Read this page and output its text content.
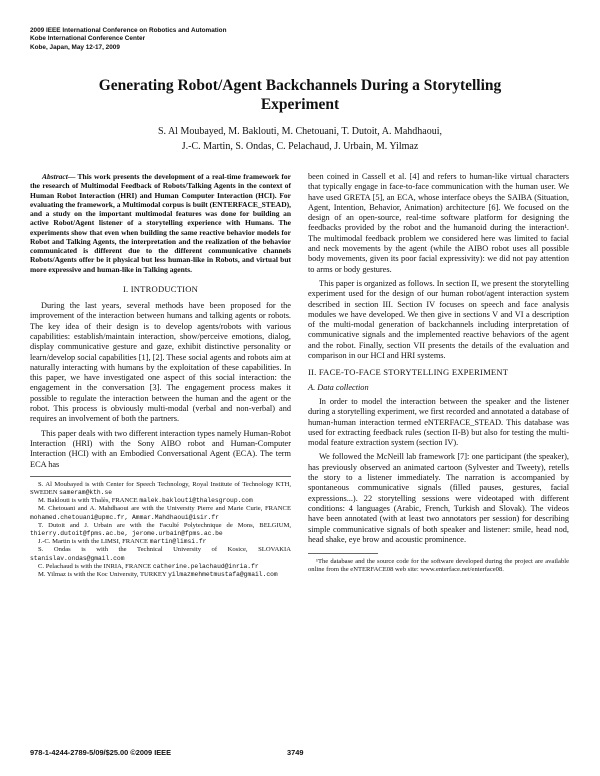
2009 IEEE International Conference on Robotics and Automation
Kobe International Conference Center
Kobe, Japan, May 12-17, 2009
Generating Robot/Agent Backchannels During a Storytelling Experiment
S. Al Moubayed, M. Baklouti, M. Chetouani, T. Dutoit, A. Mahdhaoui,
J.-C. Martin, S. Ondas, C. Pelachaud, J. Urbain, M. Yilmaz

Abstract— This work presents the development of a real-time framework for the research of Multimodal Feedback of Robots/Talking Agents in the context of Human Robot Interaction (HRI) and Human Computer Interaction (HCI). For evaluating the framework, a Multimodal corpus is built (ENTERFACE_STEAD), and a study on the important multimodal features was done for building an active Robot/Agent listener of a storytelling experience with Humans. The experiments show that even when building the same reactive behavior models for Robot and Talking Agents, the interpretation and the realization of the behavior communicated is different due to the different communicative channels Robots/Agents offer be it physical but less human-like in Robots, and virtual but more expressive and human-like in Talking agents.

I. INTRODUCTION

During the last years, several methods have been proposed for the improvement of the interaction between humans and talking agents or robots. The key idea of their design is to develop agents/robots with various capabilities: establish/maintain interaction, show/perceive emotions, dialog, display communicative gesture and gaze, exhibit distinctive personality or learn/develop social capabilities [1], [2]. These social agents and robots aim at naturally interacting with humans by the exploitation of these capabilities. In this paper, we have investigated one aspect of this social interaction: the engagement in the conversation [3]. The engagement process makes it possible to regulate the interaction between the human and the agent or the robot. This process is obviously multi-modal (verbal and non-verbal) and requires an involvement of both the partners.

This paper deals with two different interaction types namely Human-Robot Interaction (HRI) with the Sony AIBO robot and Human-Computer Interaction (HCI) with an Embodied Conversational Agent (ECA). The term ECA has

S. Al Moubayed is with Center for Speech Technology, Royal Institute of Technology KTH, SWEDEN sameram@kth.se

M. Baklouti is with Thalès, FRANCE malek.baklouti@thalesgroup.com

M. Chetouani and A. Mahdhaoui are with the University Pierre and Marie Curie, FRANCE mohamed.chetouani@upmc.fr, Ammar.Mahdhaoui@isir.fr

T. Dutoit and J. Urbain are with the Faculté Polytechnique de Mons, BELGIUM, thierry.dutoit@fpms.ac.be, jerome.urbain@fpms.ac.be

J.-C. Martin is with the LIMSI, FRANCE martin@limsi.fr

S. Ondas is with the Technical University of Kosice, SLOVAKIA stanislav.ondas@gmail.com

C. Pelachaud is with the INRIA, FRANCE catherine.pelachaud@inria.fr

M. Yilmaz is with the Koc University, TURKEY yilmazmehmetmustafa@gmail.com

been coined in Cassell et al. [4] and refers to human-like virtual characters that typically engage in face-to-face communication with the human user. We have used GRETA [5], an ECA, whose interface obeys the SAIBA (Situation, Agent, Intention, Behavior, Animation) architecture [6]. We focused on the design of an open-source, real-time software platform for designing the feedbacks provided by the robot and the humanoid during the interaction¹. The multimodal feedback problem we considered here was limited to facial and neck movements by the agent (while the AIBO robot uses all possible body movements, given its poor facial expressivity): we did not pay attention to arms or body gestures.

This paper is organized as follows. In section II, we present the storytelling experiment used for the design of our human robot/agent interaction system described in section III. Section IV focuses on speech and face analysis modules we have developed. We then give in sections V and VI a description of the multi-modal generation of backchannels including interpretation of communicative signals and the implemented reactive behaviors of the agent and the robot. Finally, section VII presents the details of the evaluation and comparison in our HCI and HRI systems.

II. FACE-TO-FACE STORYTELLING EXPERIMENT
A. Data collection

In order to model the interaction between the speaker and the listener during a storytelling experiment, we first recorded and annotated a database of human-human interaction termed eNTERFACE_STEAD. This database was used for extracting feedback rules (section II-B) but also for testing the multi-modal feature extraction system (section IV).

We followed the McNeill lab framework [7]: one participant (the speaker), has previously observed an animated cartoon (Sylvester and Tweety), retells the story to a listener immediately. The narration is accompanied by spontaneous communicative signals (filled pauses, gestures, facial expressions...). 22 storytelling sessions were videotaped with different conditions: 4 languages (Arabic, French, Turkish and Slovak). The videos have been annotated (with at least two annotators per session) for describing simple communicative signals of both speaker and listener: smile, head nod, head shake, eye brow and acoustic prominence.

¹The database and the source code for the software developed during the project are available online from the eNTERFACE08 web site: www.enterface.net/enterface08.

978-1-4244-2789-5/09/$25.00 ©2009 IEEE	3749
